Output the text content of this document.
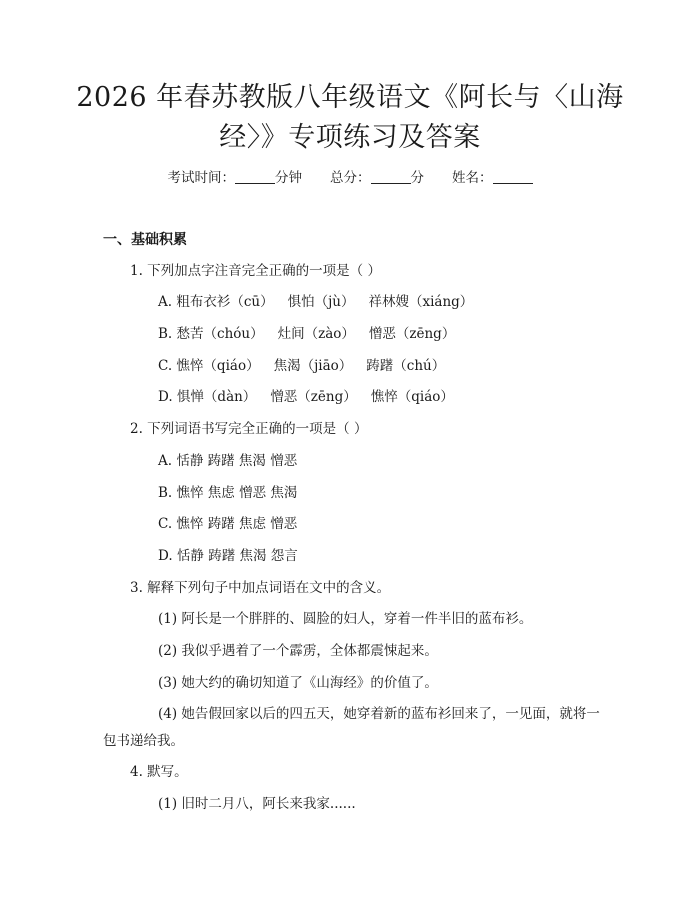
2026 年春苏教版八年级语文《阿长与〈山海
经〉》专项练习及答案
考试时间：	分钟 总分：	分 姓名：
一、基础积累
1. 下列加点字注音完全正确的一项是（ ）
A. 粗布衣衫（cū） 惧怕（jù） 祥林嫂（xiáng）
B. 愁苦（chóu） 灶间（zào） 憎恶（zēng）
C. 憔悴（qiáo） 焦渴（jiāo） 踌躇（chú）
D. 惧惮（dàn） 憎恶（zēng） 憔悴（qiáo）
2. 下列词语书写完全正确的一项是（ ）
A. 恬静 踌躇 焦渴 憎恶
B. 憔悴 焦虑 憎恶 焦渴
C. 憔悴 踌躇 焦虑 憎恶
D. 恬静 踌躇 焦渴 怨言
3. 解释下列句子中加点词语在文中的含义。
(1) 阿长是一个胖胖的、圆脸的妇人，穿着一件半旧的蓝布衫。
(2) 我似乎遇着了一个霹雳，全体都震悚起来。
(3) 她大约的确切知道了《山海经》的价值了。
(4) 她告假回家以后的四五天，她穿着新的蓝布衫回来了，一见面，就将一包书递给我。
4. 默写。
(1) 旧时二月八，阿长来我家......
